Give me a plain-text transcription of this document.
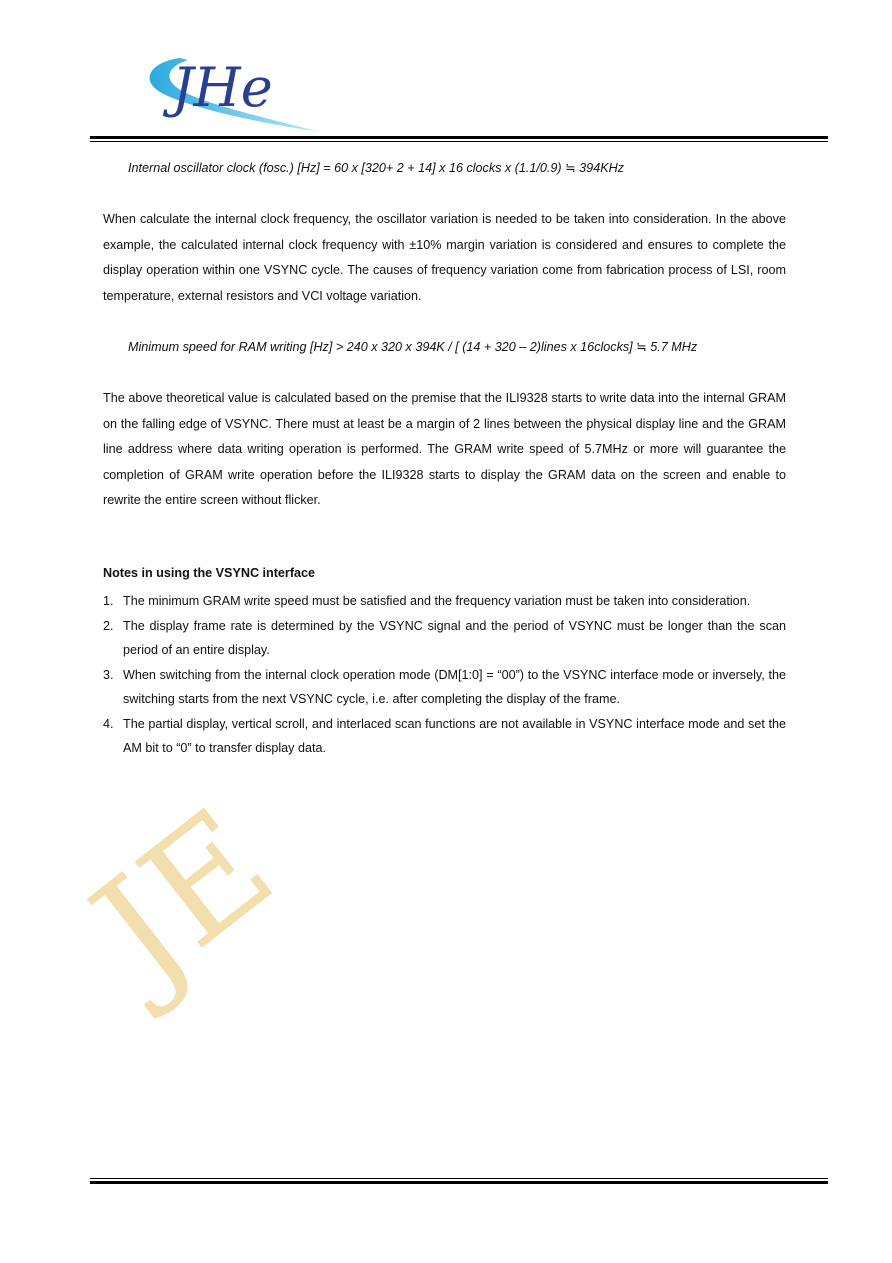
JHe
Internal oscillator clock (fosc.) [Hz] = 60 x [320+ 2 + 14] x 16 clocks x (1.1/0.9) ≒ 394KHz

When calculate the internal clock frequency, the oscillator variation is needed to be taken into consideration. In the above example, the calculated internal clock frequency with ±10% margin variation is considered and ensures to complete the display operation within one VSYNC cycle. The causes of frequency variation come from fabrication process of LSI, room temperature, external resistors and VCI voltage variation.

Minimum speed for RAM writing [Hz] > 240 x 320 x 394K / [ (14 + 320 – 2)lines x 16clocks] ≒ 5.7 MHz

The above theoretical value is calculated based on the premise that the ILI9328 starts to write data into the internal GRAM on the falling edge of VSYNC. There must at least be a margin of 2 lines between the physical display line and the GRAM line address where data writing operation is performed. The GRAM write speed of 5.7MHz or more will guarantee the completion of GRAM write operation before the ILI9328 starts to display the GRAM data on the screen and enable to rewrite the entire screen without flicker.

Notes in using the VSYNC interface

1. The minimum GRAM write speed must be satisfied and the frequency variation must be taken into consideration.
2. The display frame rate is determined by the VSYNC signal and the period of VSYNC must be longer than the scan period of an entire display.
3. When switching from the internal clock operation mode (DM[1:0] = “00”) to the VSYNC interface mode or inversely, the switching starts from the next VSYNC cycle, i.e. after completing the display of the frame.
4. The partial display, vertical scroll, and interlaced scan functions are not available in VSYNC interface mode and set the AM bit to “0” to transfer display data.
JE
